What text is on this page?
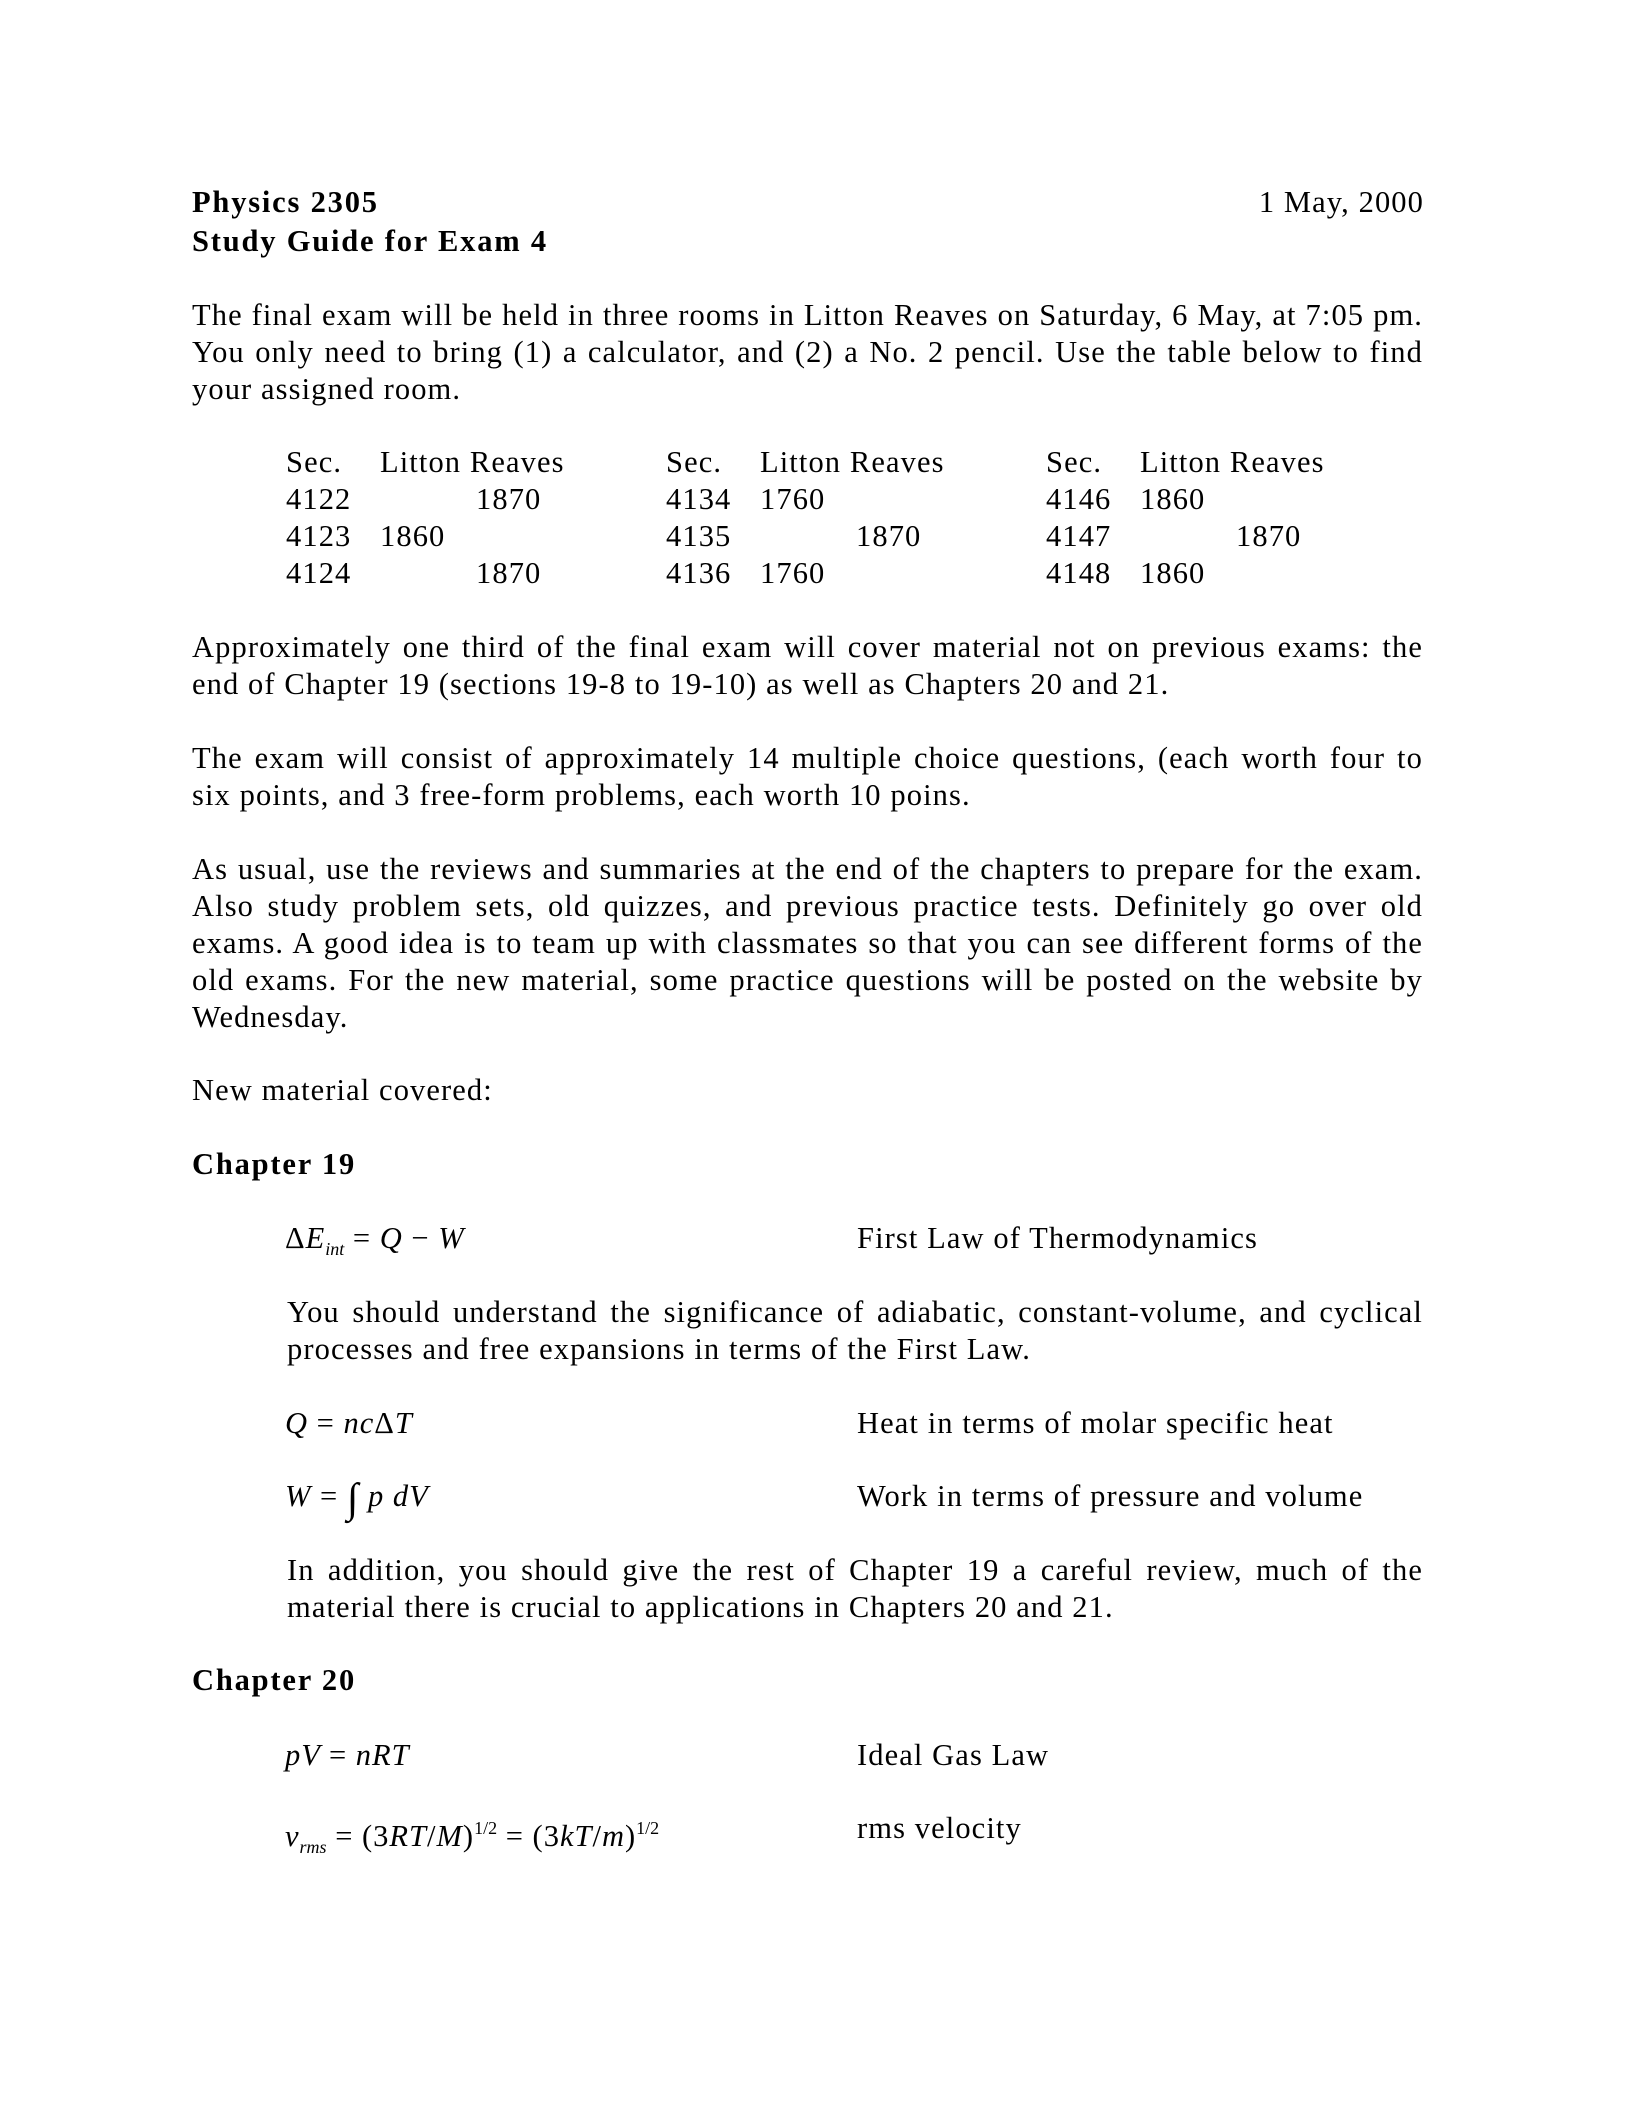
Physics 2305
Study Guide for Exam 4
1 May, 2000
The final exam will be held in three rooms in Litton Reaves on Saturday, 6 May, at 7:05 pm. You only need to bring (1) a calculator, and (2) a No. 2 pencil. Use the table below to find your assigned room.
Sec. Litton Reaves
4122	1870
4123 1860
4124	1870
Sec. Litton Reaves
4134 1760
4135	1870
4136 1760
Sec. Litton Reaves
4146 1860
4147	1870
4148 1860
Approximately one third of the final exam will cover material not on previous exams: the end of Chapter 19 (sections 19-8 to 19-10) as well as Chapters 20 and 21.
The exam will consist of approximately 14 multiple choice questions, (each worth four to six points, and 3 free-form problems, each worth 10 poins.
As usual, use the reviews and summaries at the end of the chapters to prepare for the exam. Also study problem sets, old quizzes, and previous practice tests. Definitely go over old exams. A good idea is to team up with classmates so that you can see different forms of the old exams. For the new material, some practice questions will be posted on the website by Wednesday.
New material covered:
Chapter 19
$\Delta E_{int} = Q - W$	First Law of Thermodynamics
You should understand the significance of adiabatic, constant-volume, and cyclical processes and free expansions in terms of the First Law.
Q = ncΔT	Heat in terms of molar specific heat
W = ∫ p dV	Work in terms of pressure and volume
In addition, you should give the rest of Chapter 19 a careful review, much of the material there is crucial to applications in Chapters 20 and 21.
Chapter 20
pV = nRT	Ideal Gas Law
$v_{rms} = (3RT/M)^{1/2} = (3kT/m)^{1/2}$	rms velocity
